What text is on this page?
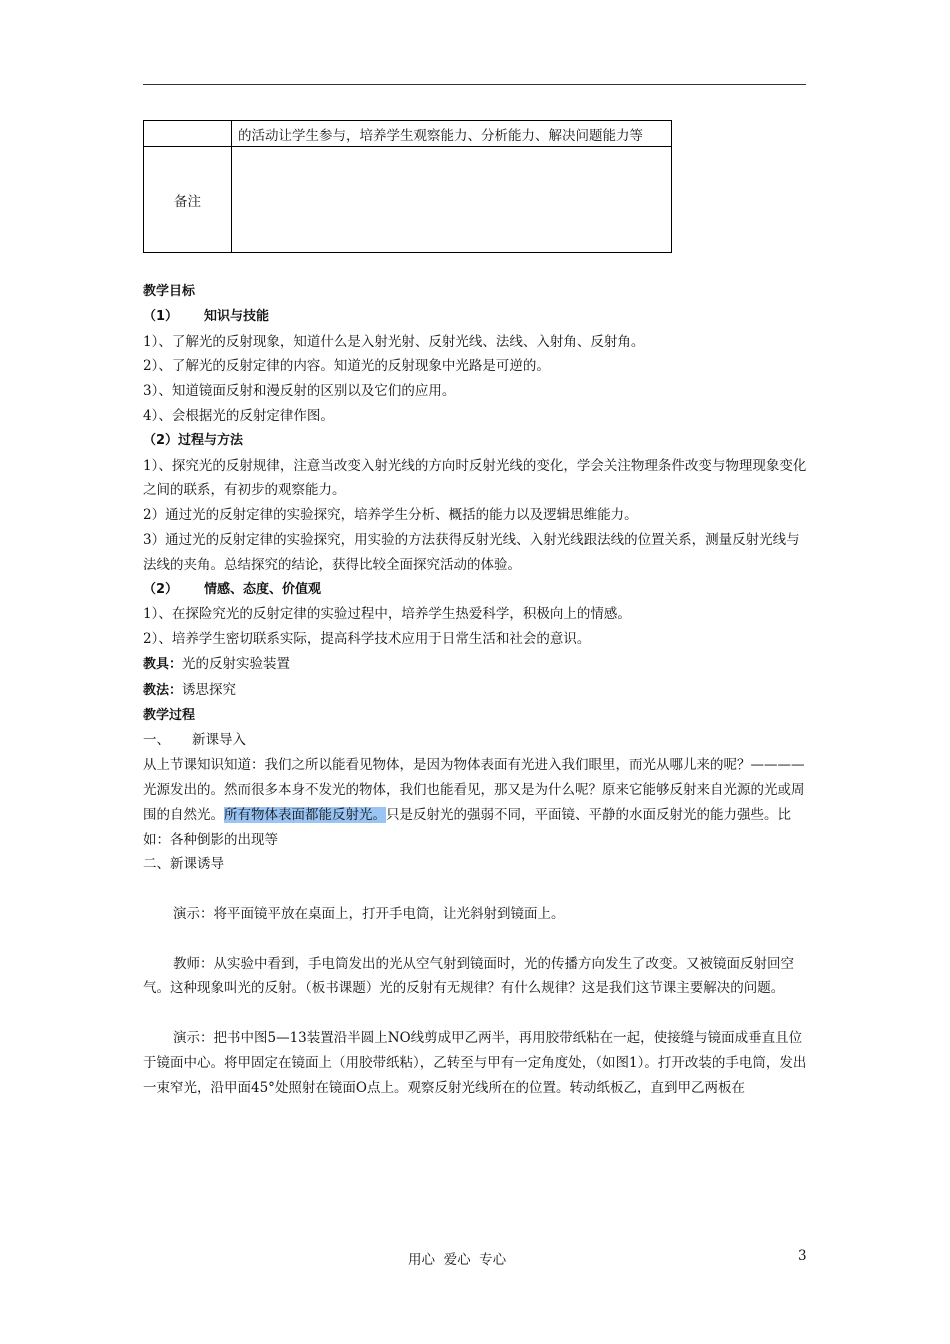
	的活动让学生参与，培养学生观察能力、分析能力、解决问题能力等
备注	

教学目标

（1） 知识与技能

1）、了解光的反射现象，知道什么是入射光射、反射光线、法线、入射角、反射角。

2）、了解光的反射定律的内容。知道光的反射现象中光路是可逆的。

3）、知道镜面反射和漫反射的区别以及它们的应用。

4）、会根据光的反射定律作图。

（2）过程与方法

1）、探究光的反射规律，注意当改变入射光线的方向时反射光线的变化，学会关注物理条件改变与物理现象变化之间的联系，有初步的观察能力。

2）通过光的反射定律的实验探究，培养学生分析、概括的能力以及逻辑思维能力。

3）通过光的反射定律的实验探究，用实验的方法获得反射光线、入射光线跟法线的位置关系，测量反射光线与法线的夹角。总结探究的结论，获得比较全面探究活动的体验。

（2） 情感、态度、价值观

1）、在探险究光的反射定律的实验过程中，培养学生热爱科学，积极向上的情感。

2）、培养学生密切联系实际，提高科学技术应用于日常生活和社会的意识。

教具：光的反射实验装置

教法：诱思探究

教学过程

一、 新课导入

从上节课知识知道：我们之所以能看见物体，是因为物体表面有光进入我们眼里，而光从哪儿来的呢？————光源发出的。然而很多本身不发光的物体，我们也能看见，那又是为什么呢？原来它能够反射来自光源的光或周围的自然光。所有物体表面都能反射光。只是反射光的强弱不同，平面镜、平静的水面反射光的能力强些。比如：各种倒影的出现等

二、新课诱导

演示：将平面镜平放在桌面上，打开手电筒，让光斜射到镜面上。

教师：从实验中看到，手电筒发出的光从空气射到镜面时，光的传播方向发生了改变。又被镜面反射回空气。这种现象叫光的反射。（板书课题）光的反射有无规律？有什么规律？这是我们这节课主要解决的问题。

演示：把书中图5—13装置沿半圆上NO线剪成甲乙两半，再用胶带纸粘在一起，使接缝与镜面成垂直且位于镜面中心。将甲固定在镜面上（用胶带纸粘），乙转至与甲有一定角度处，（如图1）。打开改装的手电筒，发出一束窄光，沿甲面45°处照射在镜面O点上。观察反射光线所在的位置。转动纸板乙，直到甲乙两板在

用心  爱心  专心	3
